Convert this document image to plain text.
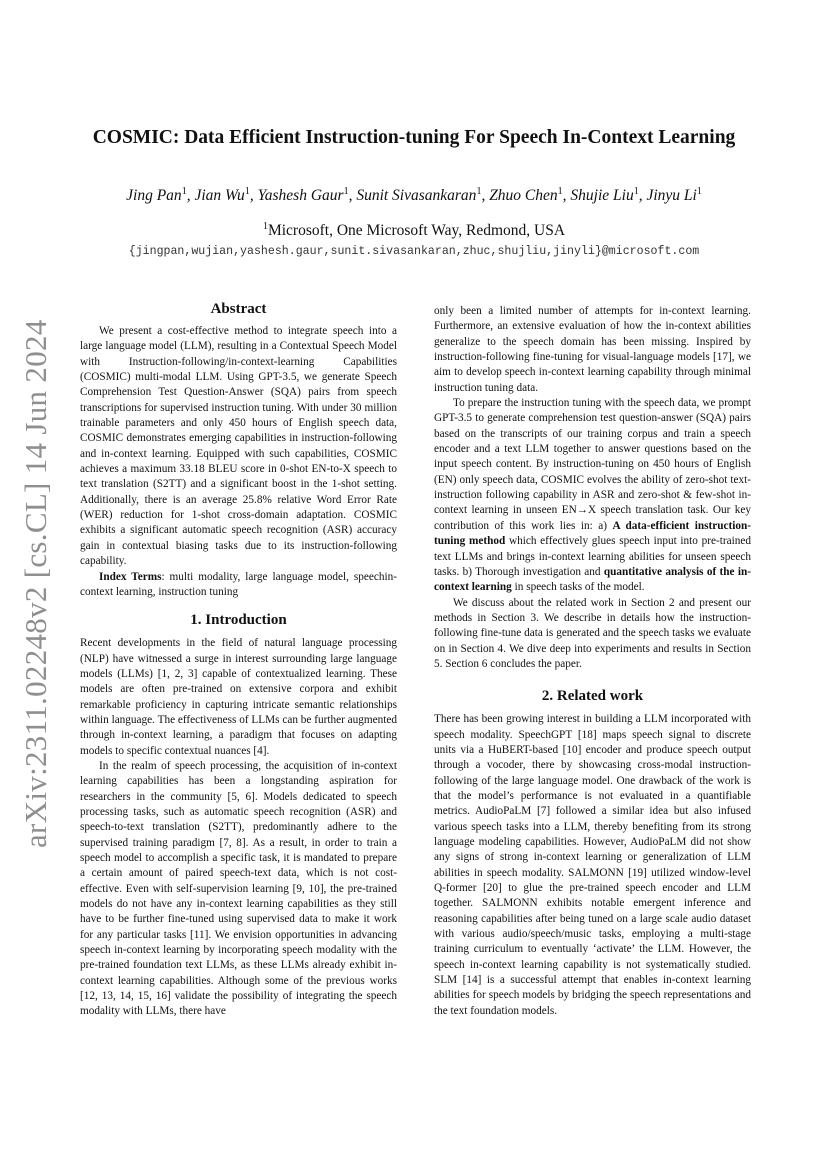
arXiv:2311.02248v2 [cs.CL] 14 Jun 2024
COSMIC: Data Efficient Instruction-tuning For Speech In-Context Learning
Jing Pan$^1$, Jian Wu$^1$, Yashesh Gaur$^1$, Sunit Sivasankaran$^1$, Zhuo Chen$^1$, Shujie Liu$^1$, Jinyu Li$^1$
$^1$Microsoft, One Microsoft Way, Redmond, USA
{jingpan,wujian,yashesh.gaur,sunit.sivasankaran,zhuc,shujliu,jinyli}@microsoft.com
Abstract

We present a cost-effective method to integrate speech into a large language model (LLM), resulting in a Contextual Speech Model with Instruction-following/in-context-learning Capabilities (COSMIC) multi-modal LLM. Using GPT-3.5, we generate Speech Comprehension Test Question-Answer (SQA) pairs from speech transcriptions for supervised instruction tuning. With under 30 million trainable parameters and only 450 hours of English speech data, COSMIC demonstrates emerging capabilities in instruction-following and in-context learning. Equipped with such capabilities, COSMIC achieves a maximum 33.18 BLEU score in 0-shot EN-to-X speech to text translation (S2TT) and a significant boost in the 1-shot setting. Additionally, there is an average 25.8% relative Word Error Rate (WER) reduction for 1-shot cross-domain adaptation. COSMIC exhibits a significant automatic speech recognition (ASR) accuracy gain in contextual biasing tasks due to its instruction-following capability.

Index Terms: multi modality, large language model, speechin-context learning, instruction tuning

1. Introduction

Recent developments in the field of natural language processing (NLP) have witnessed a surge in interest surrounding large language models (LLMs) [1, 2, 3] capable of contextualized learning. These models are often pre-trained on extensive corpora and exhibit remarkable proficiency in capturing intricate semantic relationships within language. The effectiveness of LLMs can be further augmented through in-context learning, a paradigm that focuses on adapting models to specific contextual nuances [4].

In the realm of speech processing, the acquisition of in-context learning capabilities has been a longstanding aspiration for researchers in the community [5, 6]. Models dedicated to speech processing tasks, such as automatic speech recognition (ASR) and speech-to-text translation (S2TT), predominantly adhere to the supervised training paradigm [7, 8]. As a result, in order to train a speech model to accomplish a specific task, it is mandated to prepare a certain amount of paired speech-text data, which is not cost-effective. Even with self-supervision learning [9, 10], the pre-trained models do not have any in-context learning capabilities as they still have to be further fine-tuned using supervised data to make it work for any particular tasks [11]. We envision opportunities in advancing speech in-context learning by incorporating speech modality with the pre-trained foundation text LLMs, as these LLMs already exhibit in-context learning capabilities. Although some of the previous works [12, 13, 14, 15, 16] validate the possibility of integrating the speech modality with LLMs, there have

only been a limited number of attempts for in-context learning. Furthermore, an extensive evaluation of how the in-context abilities generalize to the speech domain has been missing. Inspired by instruction-following fine-tuning for visual-language models [17], we aim to develop speech in-context learning capability through minimal instruction tuning data.

To prepare the instruction tuning with the speech data, we prompt GPT-3.5 to generate comprehension test question-answer (SQA) pairs based on the transcripts of our training corpus and train a speech encoder and a text LLM together to answer questions based on the input speech content. By instruction-tuning on 450 hours of English (EN) only speech data, COSMIC evolves the ability of zero-shot text-instruction following capability in ASR and zero-shot & few-shot in-context learning in unseen EN→X speech translation task. Our key contribution of this work lies in: a) A data-efficient instruction-tuning method which effectively glues speech input into pre-trained text LLMs and brings in-context learning abilities for unseen speech tasks. b) Thorough investigation and quantitative analysis of the in-context learning in speech tasks of the model.

We discuss about the related work in Section 2 and present our methods in Section 3. We describe in details how the instruction-following fine-tune data is generated and the speech tasks we evaluate on in Section 4. We dive deep into experiments and results in Section 5. Section 6 concludes the paper.

2. Related work

There has been growing interest in building a LLM incorporated with speech modality. SpeechGPT [18] maps speech signal to discrete units via a HuBERT-based [10] encoder and produce speech output through a vocoder, there by showcasing cross-modal instruction-following of the large language model. One drawback of the work is that the model’s performance is not evaluated in a quantifiable metrics. AudioPaLM [7] followed a similar idea but also infused various speech tasks into a LLM, thereby benefiting from its strong language modeling capabilities. However, AudioPaLM did not show any signs of strong in-context learning or generalization of LLM abilities in speech modality. SALMONN [19] utilized window-level Q-former [20] to glue the pre-trained speech encoder and LLM together. SALMONN exhibits notable emergent inference and reasoning capabilities after being tuned on a large scale audio dataset with various audio/speech/music tasks, employing a multi-stage training curriculum to eventually ‘activate’ the LLM. However, the speech in-context learning capability is not systematically studied. SLM [14] is a successful attempt that enables in-context learning abilities for speech models by bridging the speech representations and the text foundation models.
